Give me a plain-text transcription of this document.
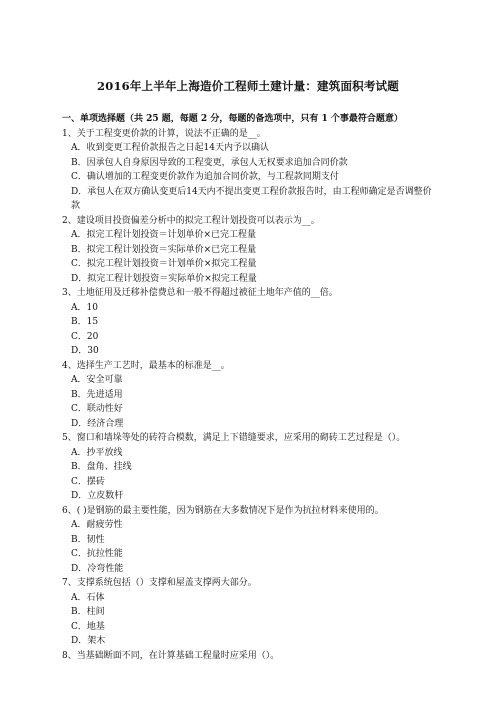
2016年上半年上海造价工程师土建计量：建筑面积考试题
一、单项选择题（共 25 题，每题 2 分，每题的备选项中，只有 1 个事最符合题意）
1、关于工程变更价款的计算，说法不正确的是__。
A．收到变更工程价款报告之日起14天内予以确认
B．因承包人自身原因导致的工程变更，承包人无权要求追加合同价款
C．确认增加的工程变更价款作为追加合同价款，与工程款同期支付
D．承包人在双方确认变更后14天内不提出变更工程价款报告时，由工程师确定是否调整价款
2、建设项目投资偏差分析中的拟完工程计划投资可以表示为__。
A．拟完工程计划投资＝计划单价×已完工程量
B．拟完工程计划投资＝实际单价×已完工程量
C．拟完工程计划投资＝计划单价×拟完工程量
D．拟完工程计划投资＝实际单价×拟完工程量
3、土地征用及迁移补偿费总和一般不得超过被征土地年产值的__倍。
A．10
B．15
C．20
D．30
4、选择生产工艺时，最基本的标准是__。
A．安全可靠
B．先进适用
C．联动性好
D．经济合理
5、窗口和墙垛等处的砖符合模数，满足上下错缝要求，应采用的砌砖工艺过程是（）。
A．抄平放线
B．盘角、挂线
C．摆砖
D．立皮数杆
6、( )是钢筋的最主要性能，因为钢筋在大多数情况下是作为抗拉材料来使用的。
A．耐疲劳性
B．韧性
C．抗拉性能
D．冷弯性能
7、支撑系统包括（）支撑和屋盖支撑两大部分。
A．石体
B．柱间
C．地基
D．架木
8、当基础断面不同，在计算基础工程量时应采用（）。
